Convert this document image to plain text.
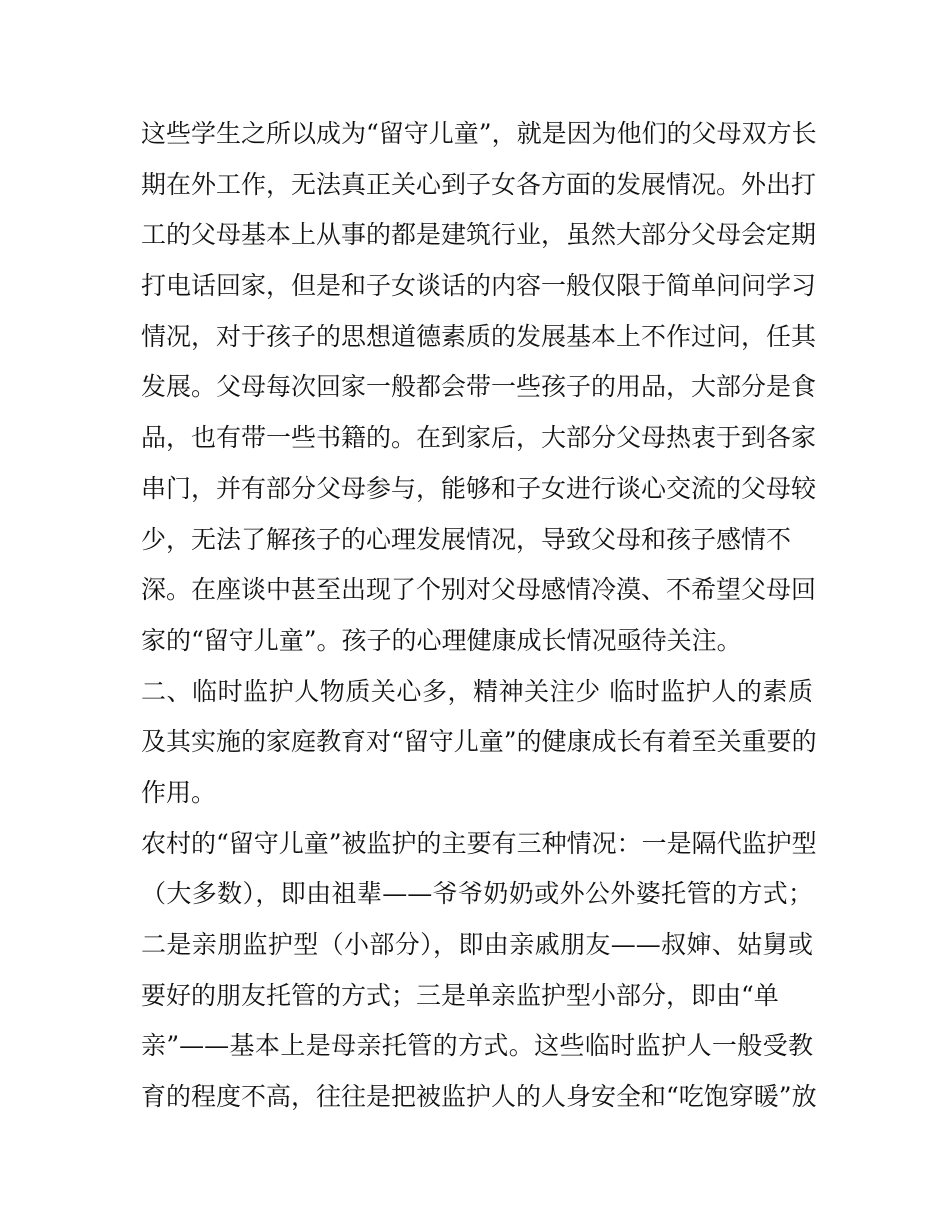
这些学生之所以成为“留守儿童”，就是因为他们的父母双方长
期在外工作，无法真正关心到子女各方面的发展情况。外出打
工的父母基本上从事的都是建筑行业，虽然大部分父母会定期
打电话回家，但是和子女谈话的内容一般仅限于简单问问学习
情况，对于孩子的思想道德素质的发展基本上不作过问，任其
发展。父母每次回家一般都会带一些孩子的用品，大部分是食
品，也有带一些书籍的。在到家后，大部分父母热衷于到各家
串门，并有部分父母参与，能够和子女进行谈心交流的父母较
少，无法了解孩子的心理发展情况，导致父母和孩子感情不
深。在座谈中甚至出现了个别对父母感情冷漠、不希望父母回
家的“留守儿童”。孩子的心理健康成长情况亟待关注。
二、临时监护人物质关心多，精神关注少 临时监护人的素质
及其实施的家庭教育对“留守儿童”的健康成长有着至关重要的
作用。
农村的“留守儿童”被监护的主要有三种情况：一是隔代监护型
（大多数），即由祖辈——爷爷奶奶或外公外婆托管的方式；
二是亲朋监护型（小部分），即由亲戚朋友——叔婶、姑舅或
要好的朋友托管的方式；三是单亲监护型小部分，即由“单
亲”——基本上是母亲托管的方式。这些临时监护人一般受教
育的程度不高，往往是把被监护人的人身安全和“吃饱穿暖”放
